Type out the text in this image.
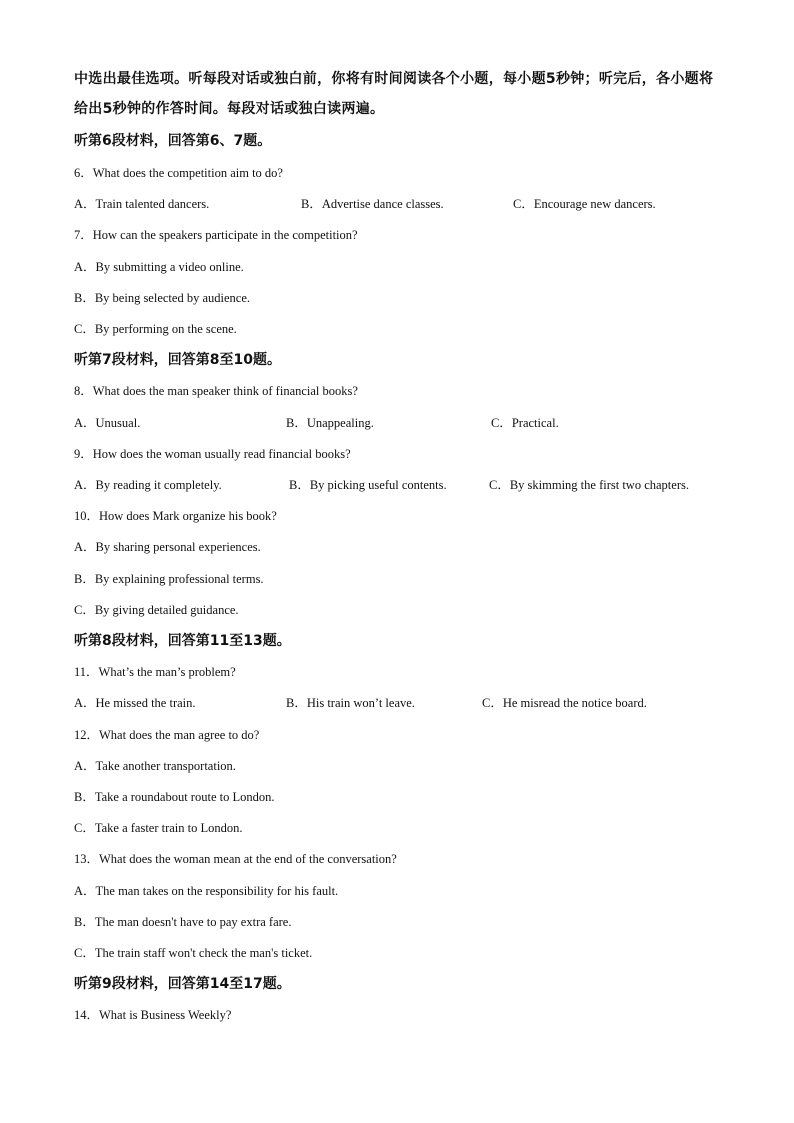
中选出最佳选项。听每段对话或独白前，你将有时间阅读各个小题，每小题5秒钟；听完后，各小题将给出5秒钟的作答时间。每段对话或独白读两遍。
听第6段材料，回答第6、7题。
6．What does the competition aim to do?
A．Train talented dancers.	B．Advertise dance classes.	C．Encourage new dancers.
7．How can the speakers participate in the competition?
A．By submitting a video online.
B．By being selected by audience.
C．By performing on the scene.
听第7段材料，回答第8至10题。
8．What does the man speaker think of financial books?
A．Unusual.	B．Unappealing.	C．Practical.
9．How does the woman usually read financial books?
A．By reading it completely.	B．By picking useful contents.	C．By skimming the first two chapters.
10．How does Mark organize his book?
A．By sharing personal experiences.
B．By explaining professional terms.
C．By giving detailed guidance.
听第8段材料，回答第11至13题。
11．What’s the man’s problem?
A．He missed the train.	B．His train won’t leave.	C．He misread the notice board.
12．What does the man agree to do?
A．Take another transportation.
B．Take a roundabout route to London.
C．Take a faster train to London.
13．What does the woman mean at the end of the conversation?
A．The man takes on the responsibility for his fault.
B．The man doesn't have to pay extra fare.
C．The train staff won't check the man's ticket.
听第9段材料，回答第14至17题。
14．What is Business Weekly?
